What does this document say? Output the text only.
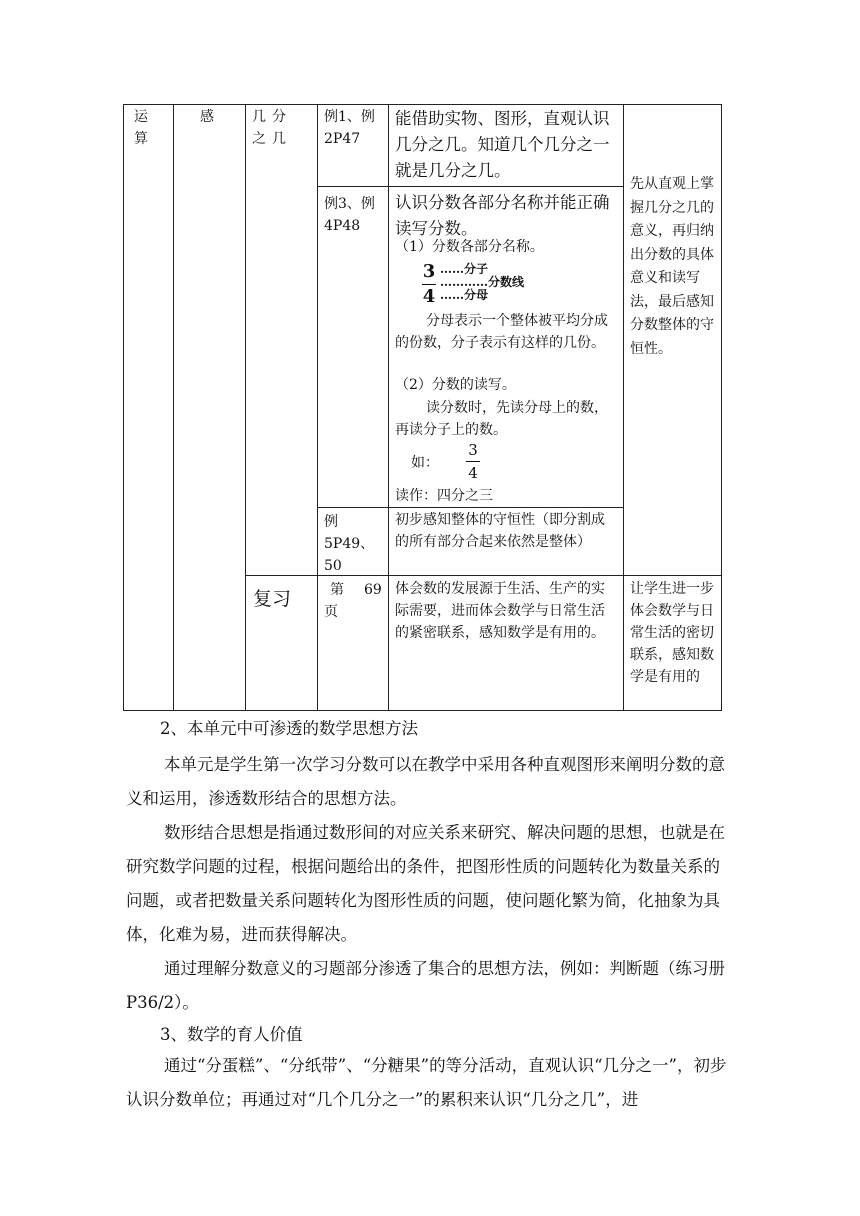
运算
感	几分之几
复习
例1、例2P47
例3、例4P48
例5P49、50
第	69
页
能借助实物、图形，直观认识几分之几。知道几个几分之一就是几分之几。
认识分数各部分名称并能正确读写分数。
（1）分数各部分名称。
3
4
……分子
…………分数线
……分母
分母表示一个整体被平均分成的份数，分子表示有这样的几份。
（2）分数的读写。
读分数时，先读分母上的数，再读分子上的数。
如：
3
4
读作：四分之三
初步感知整体的守恒性（即分割成的所有部分合起来依然是整体）
体会数的发展源于生活、生产的实际需要，进而体会数学与日常生活的紧密联系，感知数学是有用的。
先从直观上掌握几分之几的意义，再归纳出分数的具体意义和读写法，最后感知分数整体的守恒性。
让学生进一步体会数学与日常生活的密切联系，感知数学是有用的
2、本单元中可渗透的数学思想方法
本单元是学生第一次学习分数可以在教学中采用各种直观图形来阐明分数的意义和运用，渗透数形结合的思想方法。
数形结合思想是指通过数形间的对应关系来研究、解决问题的思想，也就是在研究数学问题的过程，根据问题给出的条件，把图形性质的问题转化为数量关系的问题，或者把数量关系问题转化为图形性质的问题，使问题化繁为简，化抽象为具体，化难为易，进而获得解决。
通过理解分数意义的习题部分渗透了集合的思想方法，例如：判断题（练习册 P36/2）。
3、数学的育人价值
通过“分蛋糕”、“分纸带”、“分糖果”的等分活动，直观认识“几分之一”，初步认识分数单位；再通过对“几个几分之一”的累积来认识“几分之几”，进
